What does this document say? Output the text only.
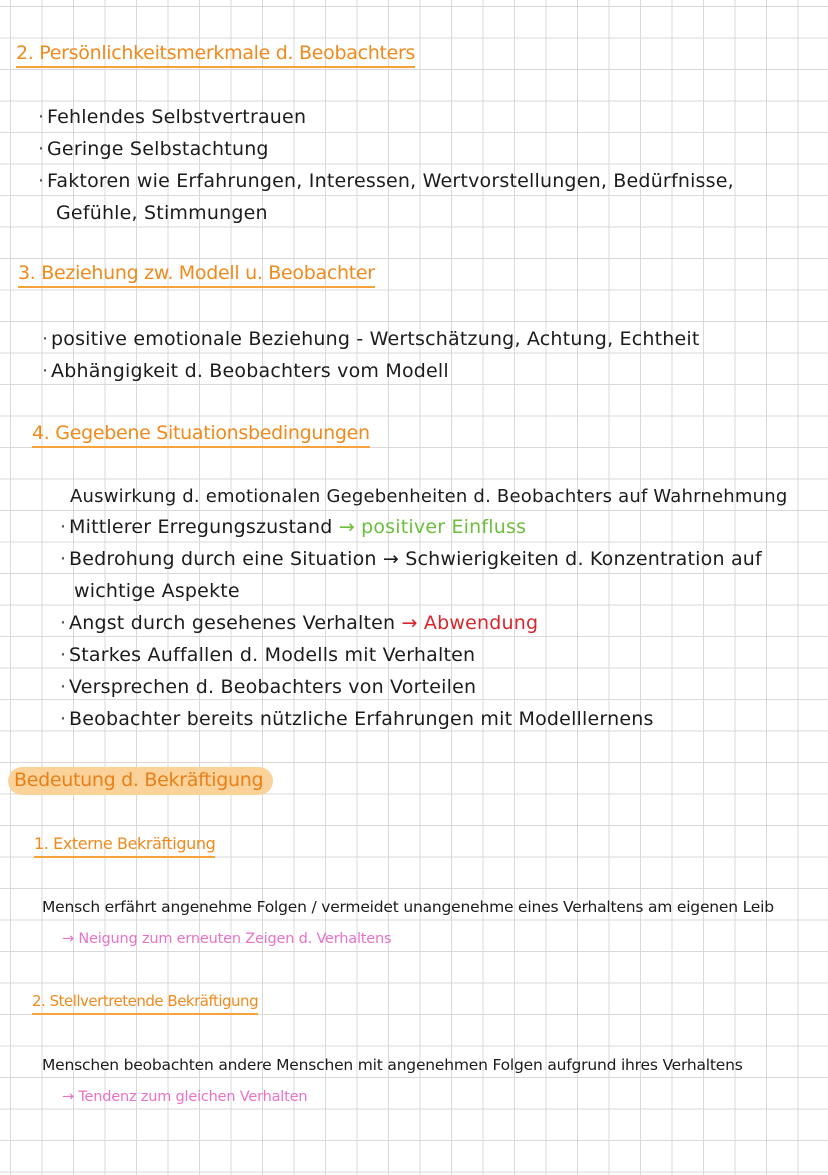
2. Persönlichkeitsmerkmale d. Beobachters
· Fehlendes Selbstvertrauen
· Geringe Selbstachtung
· Faktoren wie Erfahrungen, Interessen, Wertvorstellungen, Bedürfnisse,
Gefühle, Stimmungen
3. Beziehung zw. Modell u. Beobachter
· positive emotionale Beziehung - Wertschätzung, Achtung, Echtheit
· Abhängigkeit d. Beobachters vom Modell
4. Gegebene Situationsbedingungen
Auswirkung d. emotionalen Gegebenheiten d. Beobachters auf Wahrnehmung
· Mittlerer Erregungszustand → positiver Einfluss
· Bedrohung durch eine Situation → Schwierigkeiten d. Konzentration auf
wichtige Aspekte
· Angst durch gesehenes Verhalten → Abwendung
· Starkes Auffallen d. Modells mit Verhalten
· Versprechen d. Beobachters von Vorteilen
· Beobachter bereits nützliche Erfahrungen mit Modelllernens
Bedeutung d. Bekräftigung
1. Externe Bekräftigung
Mensch erfährt angenehme Folgen / vermeidet unangenehme eines Verhaltens am eigenen Leib
→ Neigung zum erneuten Zeigen d. Verhaltens
2. Stellvertretende Bekräftigung
Menschen beobachten andere Menschen mit angenehmen Folgen aufgrund ihres Verhaltens
→ Tendenz zum gleichen Verhalten
